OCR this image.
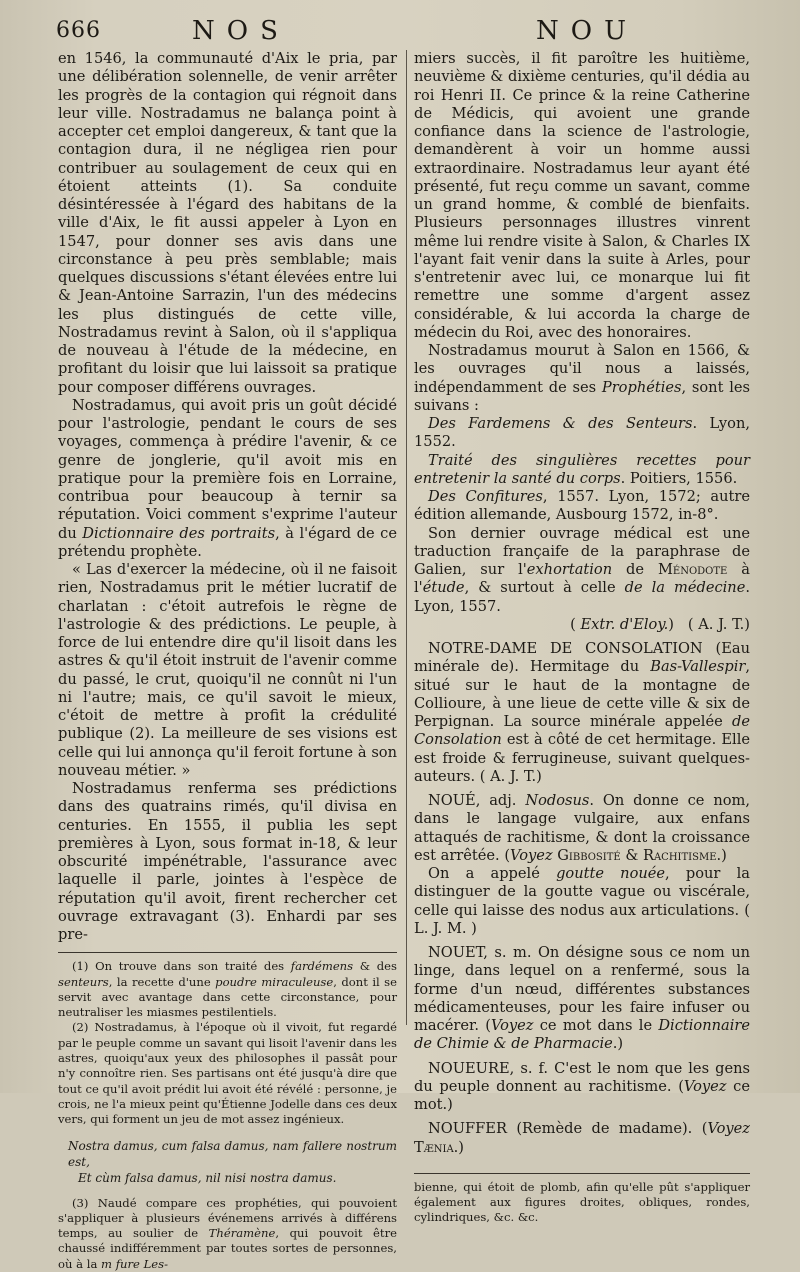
666	NOS	NOU

en 1546, la communauté d'Aix le pria, par une délibération solennelle, de venir arrêter les progrès de la contagion qui régnoit dans leur ville. Nostradamus ne balança point à accepter cet emploi dangereux, & tant que la contagion dura, il ne négligea rien pour contribuer au soulagement de ceux qui en étoient atteints (1). Sa conduite désintéressée à l'égard des habitans de la ville d'Aix, le fit aussi appeler à Lyon en 1547, pour donner ses avis dans une circonstance à peu près semblable; mais quelques discussions s'étant élevées entre lui & Jean-Antoine Sarrazin, l'un des médecins les plus distingués de cette ville, Nostradamus revint à Salon, où il s'appliqua de nouveau à l'étude de la médecine, en profitant du loisir que lui laissoit sa pratique pour composer différens ouvrages.

Nostradamus, qui avoit pris un goût décidé pour l'astrologie, pendant le cours de ses voyages, commença à prédire l'avenir, & ce genre de jonglerie, qu'il avoit mis en pratique pour la première fois en Lorraine, contribua pour beaucoup à ternir sa réputation. Voici comment s'exprime l'auteur du Dictionnaire des portraits, à l'égard de ce prétendu prophète.

« Las d'exercer la médecine, où il ne faisoit rien, Nostradamus prit le métier lucratif de charlatan : c'étoit autrefois le règne de l'astrologie & des prédictions. Le peuple, à force de lui entendre dire qu'il lisoit dans les astres & qu'il étoit instruit de l'avenir comme du passé, le crut, quoiqu'il ne connût ni l'un ni l'autre; mais, ce qu'il savoit le mieux, c'étoit de mettre à profit la crédulité publique (2). La meilleure de ses visions est celle qui lui annonça qu'il feroit fortune à son nouveau métier. »

Nostradamus renferma ses prédictions dans des quatrains rimés, qu'il divisa en centuries. En 1555, il publia les sept premières à Lyon, sous format in-18, & leur obscurité impénétrable, l'assurance avec laquelle il parle, jointes à l'espèce de réputation qu'il avoit, firent rechercher cet ouvrage extravagant (3). Enhardi par ses pre-

(1) On trouve dans son traité des fardémens & des senteurs, la recette d'une poudre miraculeuse, dont il se servit avec avantage dans cette circonstance, pour neutraliser les miasmes pestilentiels.

(2) Nostradamus, à l'époque où il vivoit, fut regardé par le peuple comme un savant qui lisoit l'avenir dans les astres, quoiqu'aux yeux des philosophes il passât pour n'y connoître rien. Ses partisans ont été jusqu'à dire que tout ce qu'il avoit prédit lui avoit été révélé : personne, je crois, ne l'a mieux peint qu'Étienne Jodelle dans ces deux vers, qui forment un jeu de mot assez ingénieux.

Nostra damus, cum falsa damus, nam fallere nostrum est,
Et cùm falsa damus, nil nisi nostra damus.

(3) Naudé compare ces prophéties, qui pouvoient s'appliquer à plusieurs événemens arrivés à différens temps, au soulier de Théramène, qui pouvoit être chaussé indifféremment par toutes sortes de personnes, où à la m fure Les-

miers succès, il fit paroître les huitième, neuvième & dixième centuries, qu'il dédia au roi Henri II. Ce prince & la reine Catherine de Médicis, qui avoient une grande confiance dans la science de l'astrologie, demandèrent à voir un homme aussi extraordinaire. Nostradamus leur ayant été présenté, fut reçu comme un savant, comme un grand homme, & comblé de bienfaits. Plusieurs personnages illustres vinrent même lui rendre visite à Salon, & Charles IX l'ayant fait venir dans la suite à Arles, pour s'entretenir avec lui, ce monarque lui fit remettre une somme d'argent assez considérable, & lui accorda la charge de médecin du Roi, avec des honoraires.

Nostradamus mourut à Salon en 1566, & les ouvrages qu'il nous a laissés, indépendamment de ses Prophéties, sont les suivans :

Des Fardemens & des Senteurs. Lyon, 1552.

Traité des singulières recettes pour entretenir la santé du corps. Poitiers, 1556.

Des Confitures, 1557. Lyon, 1572; autre édition allemande, Ausbourg 1572, in-8°.

Son dernier ouvrage médical est une traduction françaife de la paraphrase de Galien, sur l'exhortation de Ménodote à l'étude, & surtout à celle de la médecine. Lyon, 1557.

( Extr. d'Eloy.)   ( A. J. T.)

NOTRE-DAME DE CONSOLATION (Eau minérale de). Hermitage du Bas-Vallespir, situé sur le haut de la montagne de Collioure, à une lieue de cette ville & six de Perpignan. La source minérale appelée de Consolation est à côté de cet hermitage. Elle est froide & ferrugineuse, suivant quelques-auteurs. ( A. J. T.)

NOUÉ, adj. Nodosus. On donne ce nom, dans le langage vulgaire, aux enfans attaqués de rachitisme, & dont la croissance est arrêtée. (Voyez Gibbosité & Rachitisme.)

On a appelé goutte nouée, pour la distinguer de la goutte vague ou viscérale, celle qui laisse des nodus aux articulations. ( L. J. M. )

NOUET, s. m. On désigne sous ce nom un linge, dans lequel on a renfermé, sous la forme d'un nœud, différentes substances médicamenteuses, pour les faire infuser ou macérer. (Voyez ce mot dans le Dictionnaire de Chimie & de Pharmacie.)

NOUEURE, s. f. C'est le nom que les gens du peuple donnent au rachitisme. (Voyez ce mot.)

NOUFFER (Remède de madame). (Voyez Tænia.)

bienne, qui étoit de plomb, afin qu'elle pût s'appliquer également aux figures droites, obliques, rondes, cylindriques, &c. &c.
